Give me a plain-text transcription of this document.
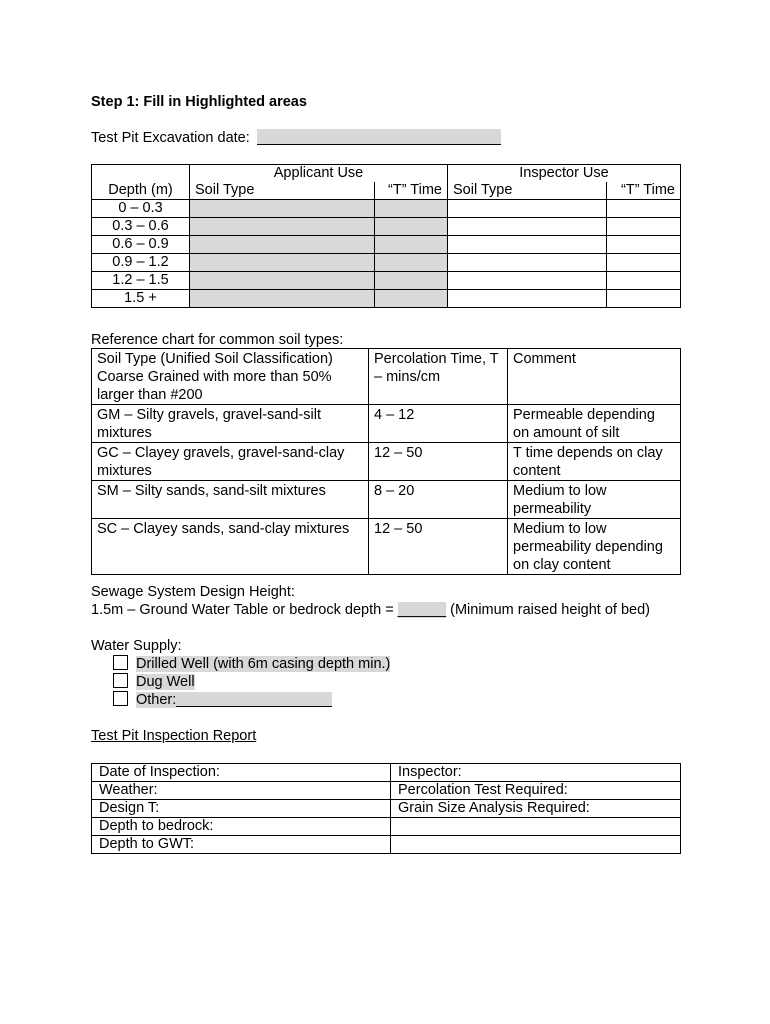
Step 1: Fill in Highlighted areas
Test Pit Excavation date:
	Applicant Use		Inspector Use	
Depth (m)	Soil Type	“T” Time	Soil Type	“T” Time
0 – 0.3				
0.3 – 0.6				
0.6 – 0.9				
0.9 – 1.2				
1.2 – 1.5				
1.5 +				
Reference chart for common soil types:
Soil Type (Unified Soil Classification) Coarse Grained with more than 50% larger than #200	Percolation Time, T – mins/cm	Comment
GM – Silty gravels, gravel-sand-silt mixtures	4 – 12	Permeable depending on amount of silt
GC – Clayey gravels, gravel-sand-clay mixtures	12 – 50	T time depends on clay content
SM – Silty sands, sand-silt mixtures	8 – 20	Medium to low permeability
SC – Clayey sands, sand-clay mixtures	12 – 50	Medium to low permeability depending on clay content
Sewage System Design Height:
1.5m – Ground Water Table or bedrock depth = ______ (Minimum raised height of bed)
Water Supply:
Drilled Well (with 6m casing depth min.)
Dug Well
Other:
Test Pit Inspection Report
Date of Inspection:	Inspector:
Weather:	Percolation Test Required:
Design T:	Grain Size Analysis Required:
Depth to bedrock:	
Depth to GWT:	
